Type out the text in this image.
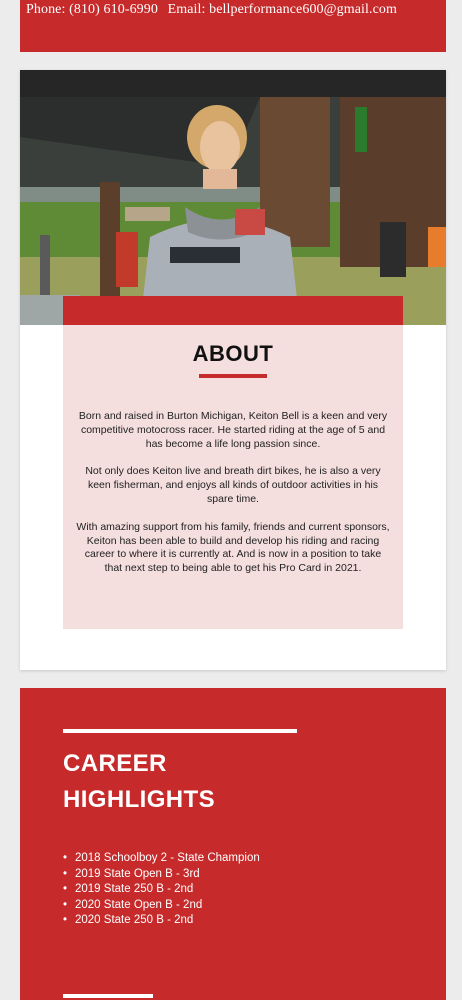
Phone: (810) 610-6990 Email: bellperformance600@gmail.com
ABOUT

Born and raised in Burton Michigan, Keiton Bell is a keen and very competitive motocross racer. He started riding at the age of 5 and has become a life long passion since.

Not only does Keiton live and breath dirt bikes, he is also a very keen fisherman, and enjoys all kinds of outdoor activities in his spare time.

With amazing support from his family, friends and current sponsors, Keiton has been able to build and develop his riding and racing career to where it is currently at. And is now in a position to take that next step to being able to get his Pro Card in 2021.

CAREER
HIGHLIGHTS
• 2018 Schoolboy 2 - State Champion
• 2019 State Open B - 3rd
• 2019 State 250 B - 2nd
• 2020 State Open B - 2nd
• 2020 State 250 B - 2nd
